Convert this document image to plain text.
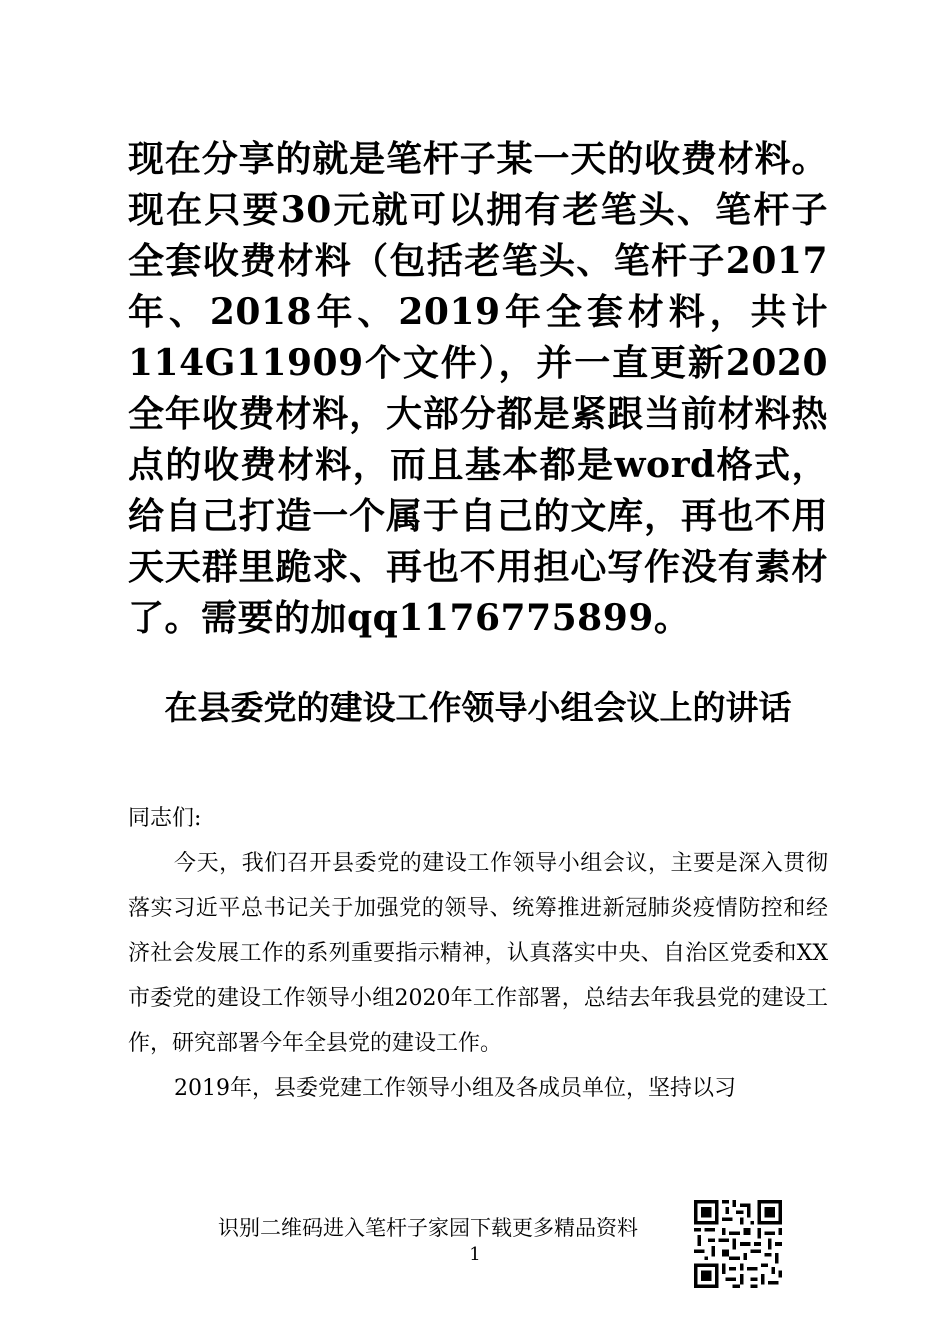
现在分享的就是笔杆子某一天的收费材料。现在只要30元就可以拥有老笔头、笔杆子全套收费材料（包括老笔头、笔杆子2017年、2018年、2019年全套材料，共计114G11909个文件），并一直更新2020全年收费材料，大部分都是紧跟当前材料热点的收费材料，而且基本都是word格式，给自己打造一个属于自己的文库，再也不用天天群里跪求、再也不用担心写作没有素材了。需要的加qq1176775899。
在县委党的建设工作领导小组会议上的讲话

同志们:

今天，我们召开县委党的建设工作领导小组会议，主要是深入贯彻落实习近平总书记关于加强党的领导、统筹推进新冠肺炎疫情防控和经济社会发展工作的系列重要指示精神，认真落实中央、自治区党委和XX市委党的建设工作领导小组2020年工作部署，总结去年我县党的建设工作，研究部署今年全县党的建设工作。

2019年，县委党建工作领导小组及各成员单位，坚持以习

识别二维码进入笔杆子家园下载更多精品资料
1
